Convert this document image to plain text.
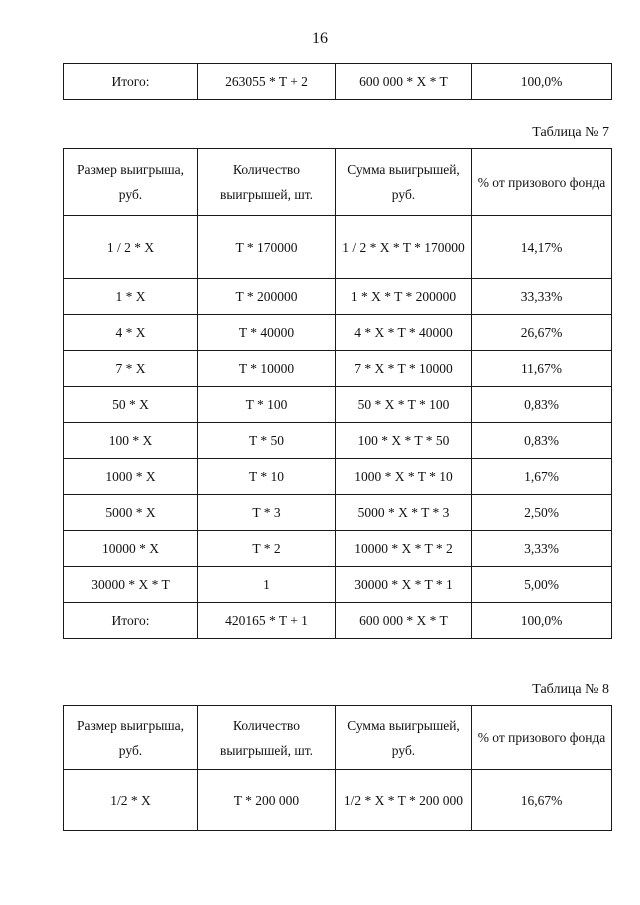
16
Итого:	263055 * T + 2	600 000 * X * T	100,0%
Таблица № 7
Размер выигрыша, руб.	Количество выигрышей, шт.	Сумма выигрышей, руб.	% от призового фонда
1 / 2 * X	T * 170000	1 / 2 * X * T * 170000	14,17%
1 * X	T * 200000	1 * X * T * 200000	33,33%
4 * X	T * 40000	4 * X * T * 40000	26,67%
7 * X	T * 10000	7 * X * T * 10000	11,67%
50 * X	T * 100	50 * X * T * 100	0,83%
100 * X	T * 50	100 * X * T * 50	0,83%
1000 * X	T * 10	1000 * X * T * 10	1,67%
5000 * X	T * 3	5000 * X * T * 3	2,50%
10000 * X	T * 2	10000 * X * T * 2	3,33%
30000 * X * T	1	30000 * X * T * 1	5,00%
Итого:	420165 * T + 1	600 000 * X * T	100,0%
Таблица № 8
Размер выигрыша, руб.	Количество выигрышей, шт.	Сумма выигрышей, руб.	% от призового фонда
1/2 * X	T * 200 000	1/2 * X * T * 200 000	16,67%
